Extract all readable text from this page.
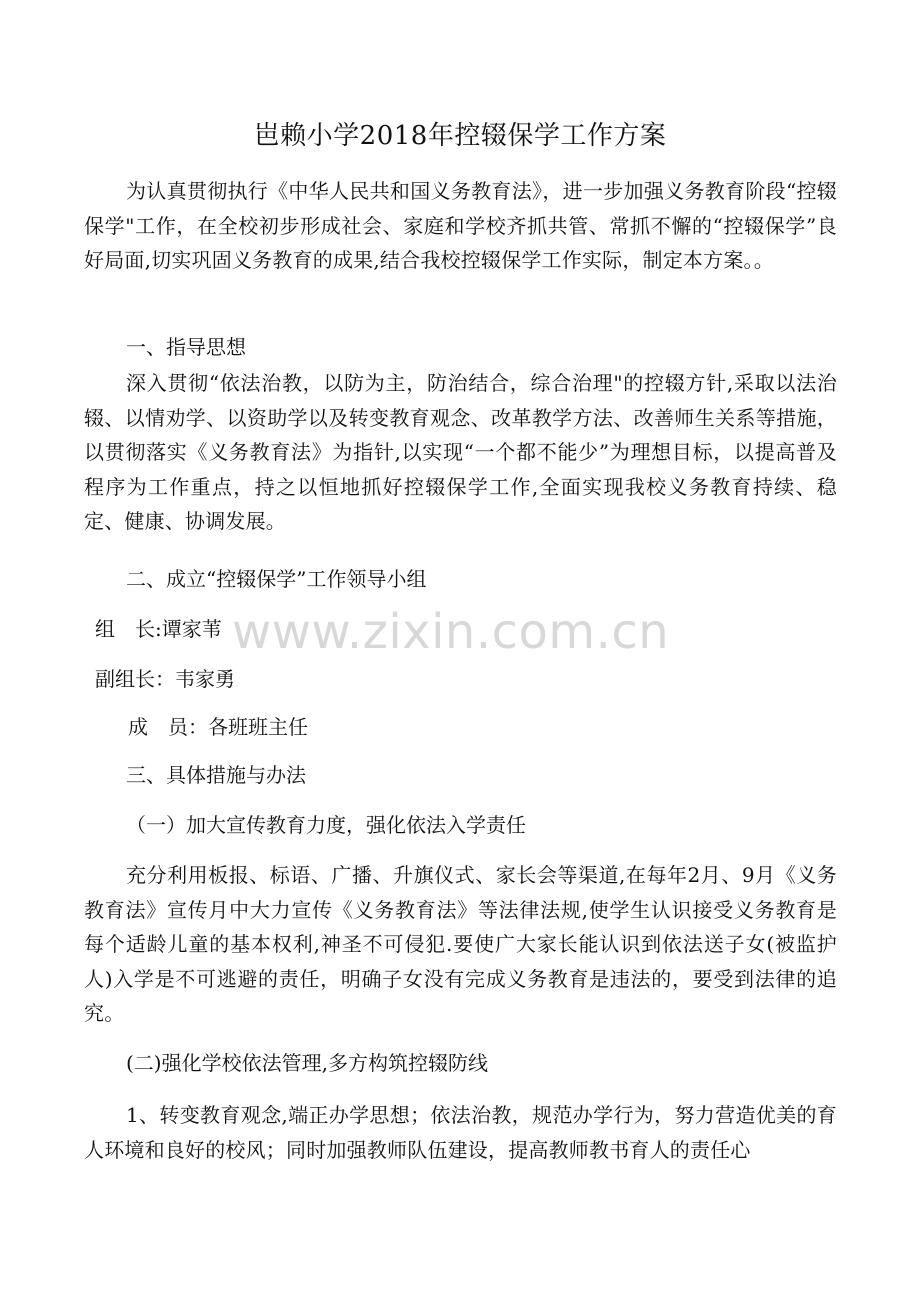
岜赖小学2018年控辍保学工作方案
为认真贯彻执行《中华人民共和国义务教育法》，进一步加强义务教育阶段“控辍保学"工作，在全校初步形成社会、家庭和学校齐抓共管、常抓不懈的“控辍保学”良好局面,切实巩固义务教育的成果,结合我校控辍保学工作实际，制定本方案。。
一、指导思想
深入贯彻“依法治教，以防为主，防治结合，综合治理"的控辍方针,采取以法治辍、以情劝学、以资助学以及转变教育观念、改革教学方法、改善师生关系等措施，以贯彻落实《义务教育法》为指针,以实现“一个都不能少”为理想目标，以提高普及程序为工作重点，持之以恒地抓好控辍保学工作,全面实现我校义务教育持续、稳定、健康、协调发展。
二、成立“控辍保学”工作领导小组
组　长:谭家苇
副组长：韦家勇
成　员：各班班主任
三、具体措施与办法
（一）加大宣传教育力度，强化依法入学责任
充分利用板报、标语、广播、升旗仪式、家长会等渠道,在每年2月、9月《义务教育法》宣传月中大力宣传《义务教育法》等法律法规,使学生认识接受义务教育是每个适龄儿童的基本权利,神圣不可侵犯.要使广大家长能认识到依法送子女(被监护人)入学是不可逃避的责任，明确子女没有完成义务教育是违法的，要受到法律的追究。
(二)强化学校依法管理,多方构筑控辍防线
1、转变教育观念,端正办学思想；依法治教，规范办学行为，努力营造优美的育人环境和良好的校风；同时加强教师队伍建设，提高教师教书育人的责任心
www.zixin.com.cn
